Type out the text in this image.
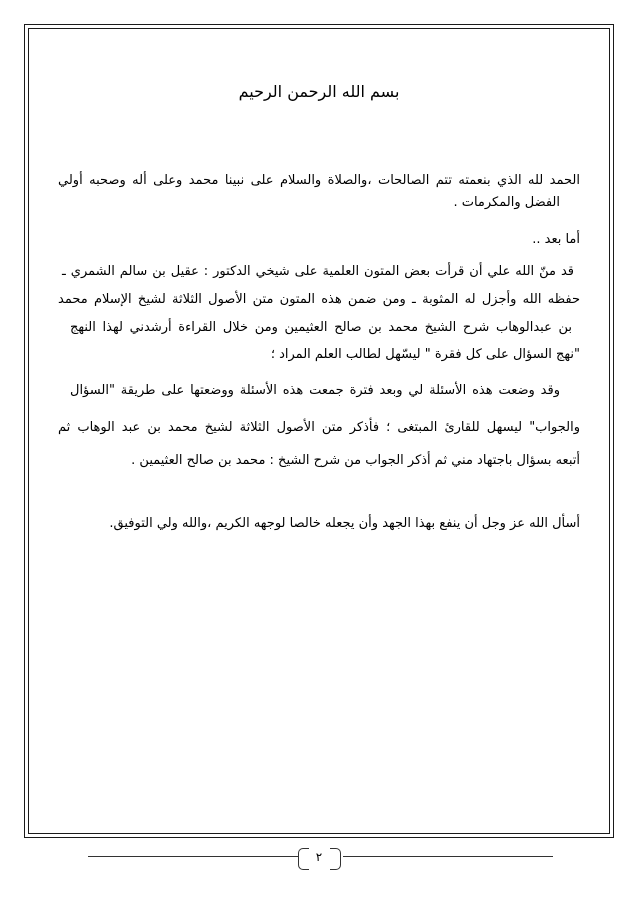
بسم الله الرحمن الرحيم
الحمد لله الذي بنعمته تتم الصالحات ،والصلاة والسلام على نبينا محمد وعلى أله وصحبه أولي
الفضل والمكرمات .
أما بعد ..
قد منّ الله علي أن قرأت بعض المتون العلمية على شيخي الدكتور : عقيل بن سالم الشمري ـ
حفظه الله وأجزل له المثوبة ـ ومن ضمن هذه المتون متن الأصول الثلاثة لشيخ الإسلام محمد
بن عبدالوهاب شرح الشيخ محمد بن صالح العثيمين ومن خلال القراءة أرشدني لهذا النهج
"نهج السؤال على كل فقرة " ليسّهل لطالب العلم المراد ؛
وقد وضعت هذه الأسئلة لي وبعد فترة جمعت هذه الأسئلة ووضعتها على طريقة "السؤال
والجواب" ليسهل للقارئ المبتغى ؛ فأذكر متن الأصول الثلاثة لشيخ محمد بن عبد الوهاب ثم
أتبعه بسؤال باجتهاد مني ثم أذكر الجواب من شرح الشيخ : محمد بن صالح العثيمين .
أسأل الله عز وجل أن ينفع بهذا الجهد وأن يجعله خالصا لوجهه الكريم ،والله ولي التوفيق.
٢
